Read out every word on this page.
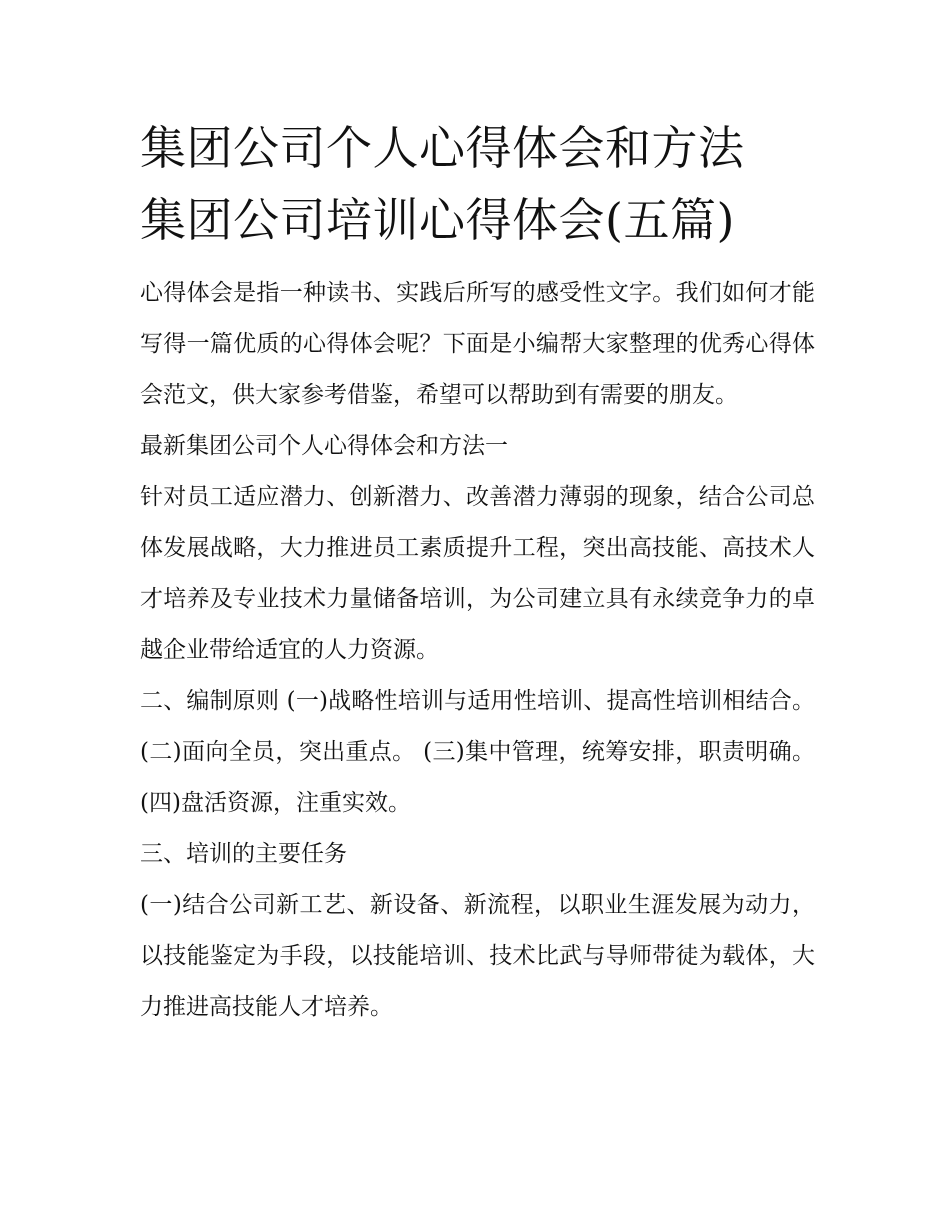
集团公司个人心得体会和方法
集团公司培训心得体会(五篇)

心得体会是指一种读书、实践后所写的感受性文字。我们如何才能写得一篇优质的心得体会呢？下面是小编帮大家整理的优秀心得体会范文，供大家参考借鉴，希望可以帮助到有需要的朋友。

最新集团公司个人心得体会和方法一

针对员工适应潜力、创新潜力、改善潜力薄弱的现象，结合公司总体发展战略，大力推进员工素质提升工程，突出高技能、高技术人才培养及专业技术力量储备培训，为公司建立具有永续竞争力的卓越企业带给适宜的人力资源。

二、编制原则 (一)战略性培训与适用性培训、提高性培训相结合。 (二)面向全员，突出重点。 (三)集中管理，统筹安排，职责明确。 (四)盘活资源，注重实效。

三、培训的主要任务

(一)结合公司新工艺、新设备、新流程，以职业生涯发展为动力，以技能鉴定为手段，以技能培训、技术比武与导师带徒为载体，大力推进高技能人才培养。
